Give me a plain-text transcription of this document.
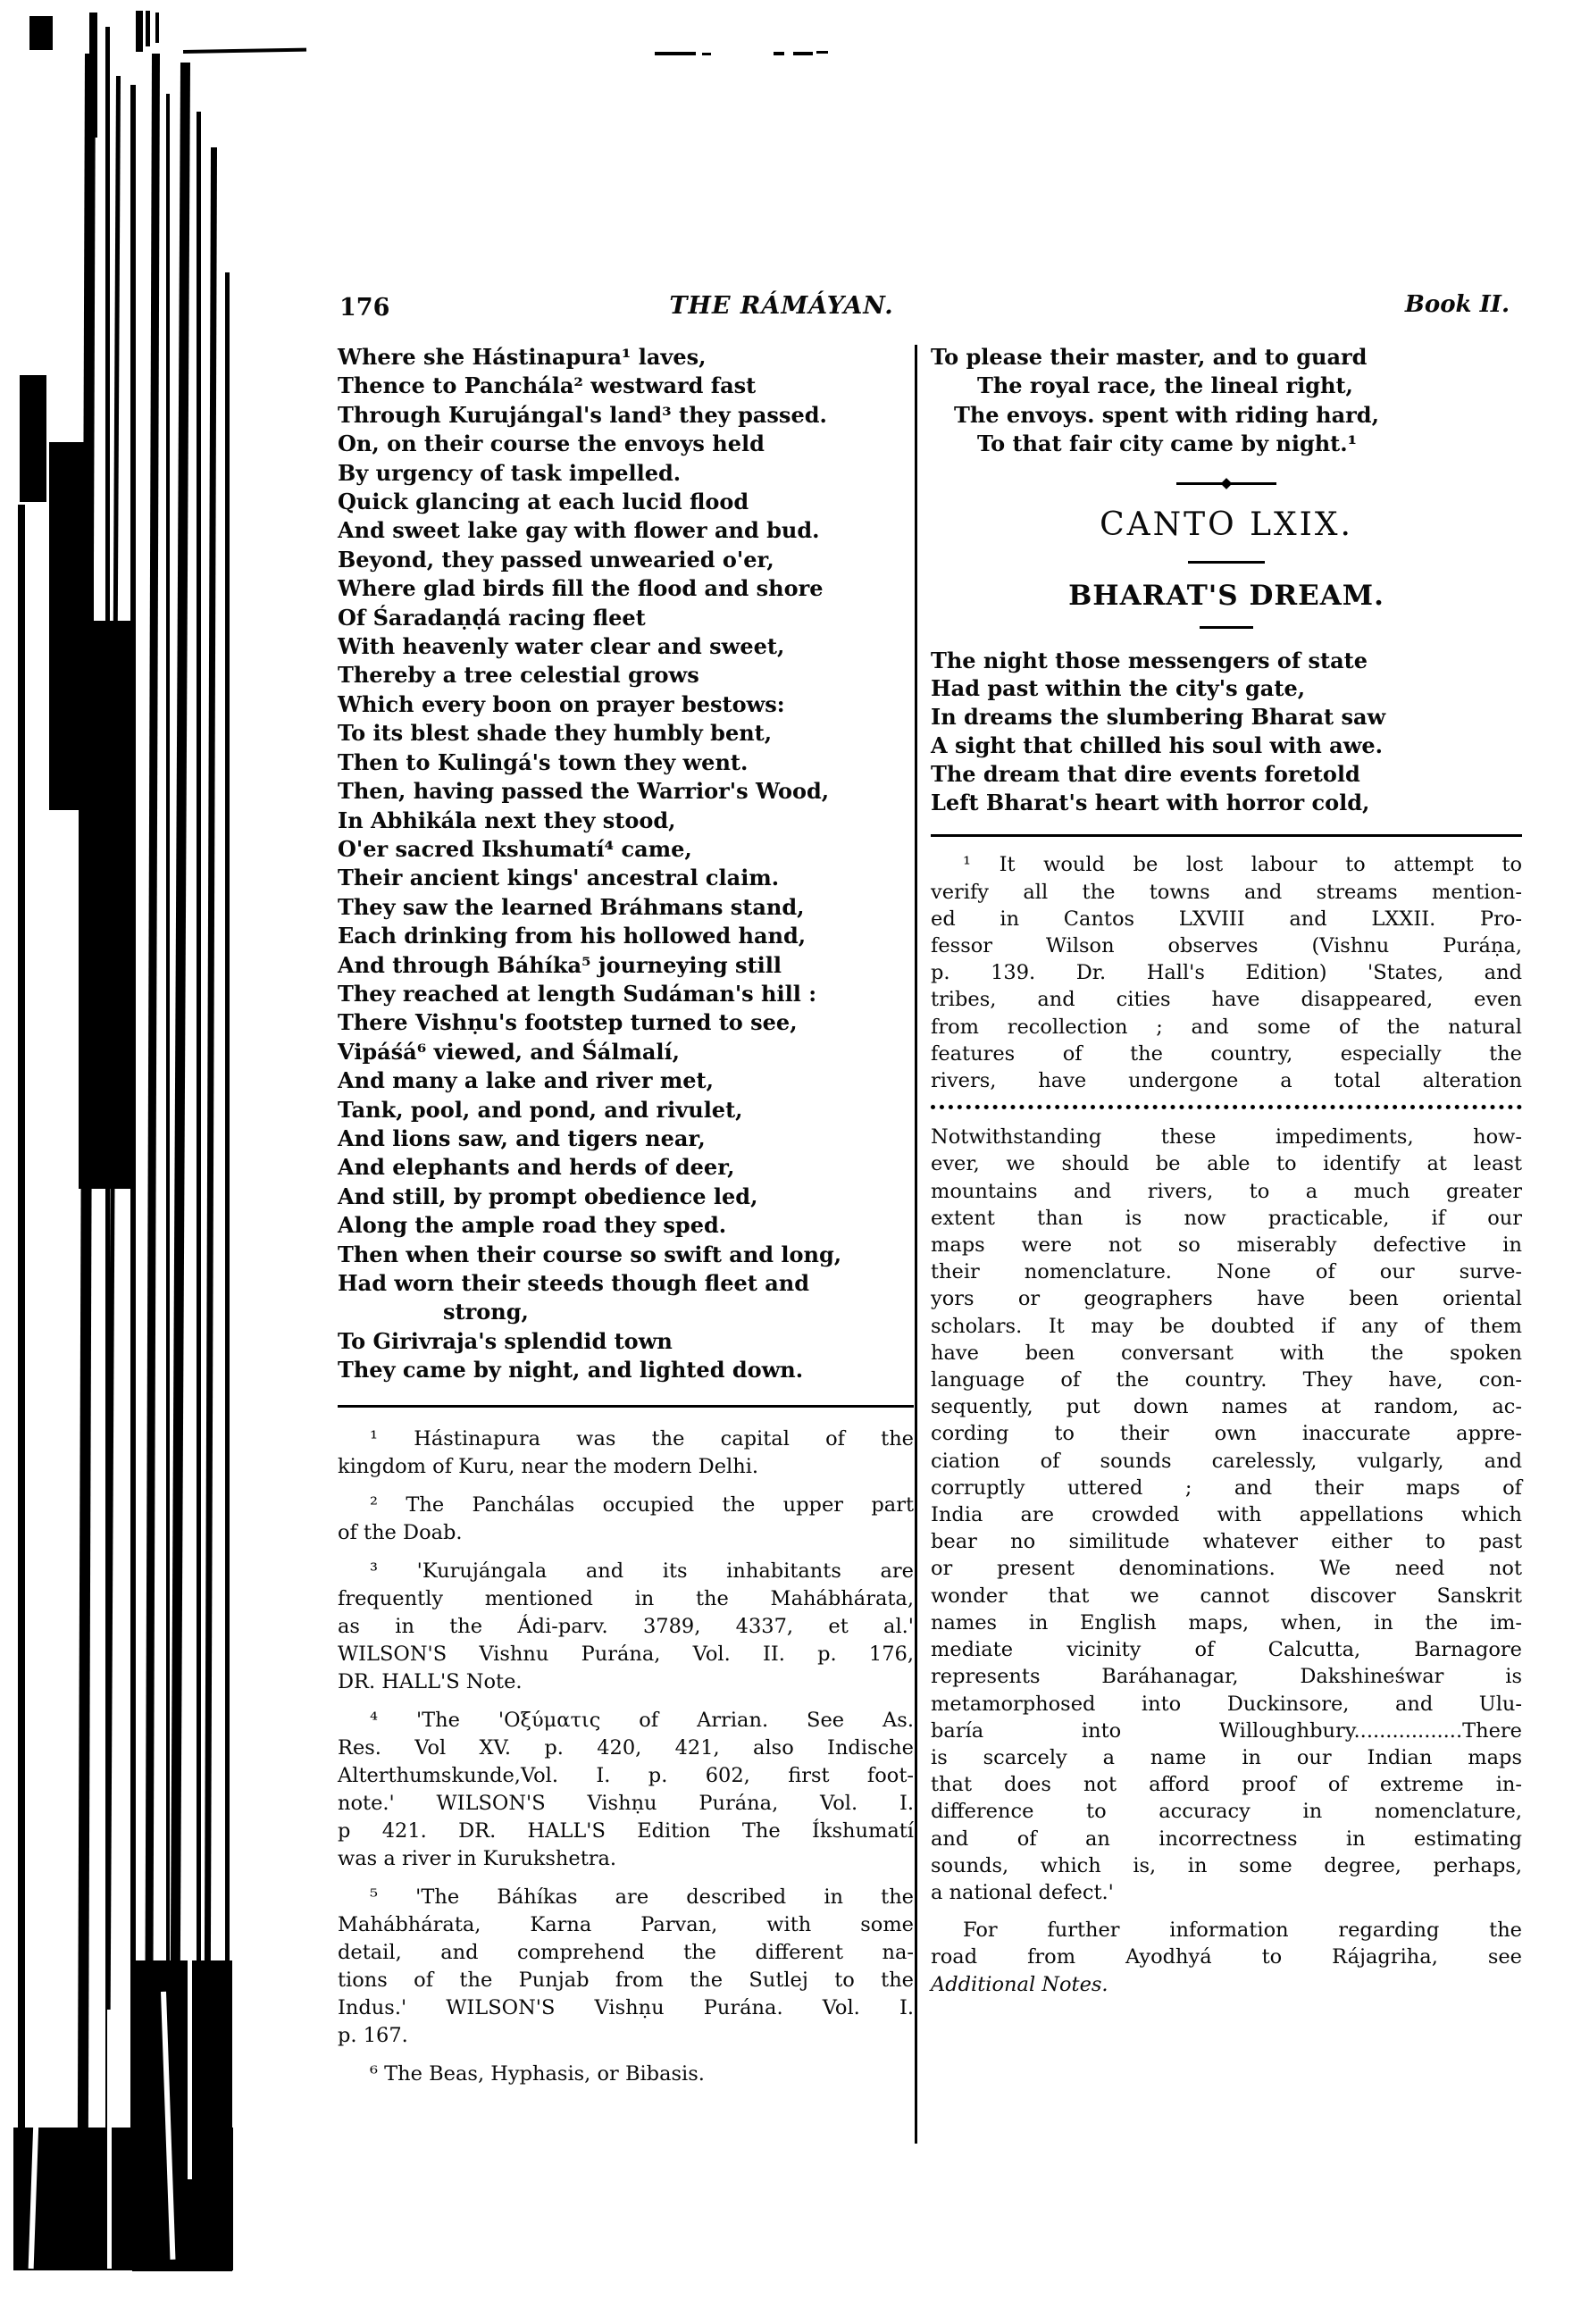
176	THE RÁMÁYAN.	Book II.
Where she Hástinapura¹ laves,
Thence to Panchála² westward fast
Through Kurujángal's land³ they passed.
On, on their course the envoys held
By urgency of task impelled.
Quick glancing at each lucid flood
And sweet lake gay with flower and bud.
Beyond, they passed unwearied o'er,
Where glad birds fill the flood and shore
Of Śaradaṇḍá racing fleet
With heavenly water clear and sweet,
Thereby a tree celestial grows
Which every boon on prayer bestows:
To its blest shade they humbly bent,
Then to Kulingá's town they went.
Then, having passed the Warrior's Wood,
In Abhikála next they stood,
O'er sacred Ikshumatí⁴ came,
Their ancient kings' ancestral claim.
They saw the learned Bráhmans stand,
Each drinking from his hollowed hand,
And through Báhíka⁵ journeying still
They reached at length Sudáman's hill :
There Vishṇu's footstep turned to see,
Vipáśá⁶ viewed, and Śálmalí,
And many a lake and river met,
Tank, pool, and pond, and rivulet,
And lions saw, and tigers near,
And elephants and herds of deer,
And still, by prompt obedience led,
Along the ample road they sped.
Then when their course so swift and long,
Had worn their steeds though fleet and
strong,
To Girivraja's splendid town
They came by night, and lighted down.
¹ Hástinapura was the capital of the
kingdom of Kuru, near the modern Delhi.
² The Panchálas occupied the upper part
of the Doab.
³ 'Kurujángala and its inhabitants are
frequently mentioned in the Mahábhárata,
as in the Ádi-parv. 3789, 4337, et al.'
WILSON'S Vishnu Purána, Vol. II. p. 176,
DR. HALL'S Note.
⁴ 'The 'Οξύματις of Arrian. See As.
Res. Vol XV. p. 420, 421, also Indische
Alterthumskunde,Vol. I. p. 602, first foot-
note.' WILSON'S Vishṇu Purána, Vol. I.
p 421. DR. HALL'S Edition The Íkshumatí
was a river in Kurukshetra.
⁵ 'The Báhíkas are described in the
Mahábhárata, Karna Parvan, with some
detail, and comprehend the different na-
tions of the Punjab from the Sutlej to the
Indus.' WILSON'S Vishṇu Purána. Vol. I.
p. 167.
⁶ The Beas, Hyphasis, or Bibasis.
To please their master, and to guard
The royal race, the lineal right,
The envoys. spent with riding hard,
To that fair city came by night.¹
CANTO LXIX.
BHARAT'S DREAM.
The night those messengers of state
Had past within the city's gate,
In dreams the slumbering Bharat saw
A sight that chilled his soul with awe.
The dream that dire events foretold
Left Bharat's heart with horror cold,
¹ It would be lost labour to attempt to
verify all the towns and streams mention-
ed in Cantos LXVIII and LXXII. Pro-
fessor Wilson observes (Vishnu Puráṇa,
p. 139. Dr. Hall's Edition) 'States, and
tribes, and cities have disappeared, even
from recollection ; and some of the natural
features of the country, especially the
rivers, have undergone a total alteration
Notwithstanding these impediments, how-
ever, we should be able to identify at least
mountains and rivers, to a much greater
extent than is now practicable, if our
maps were not so miserably defective in
their nomenclature. None of our surve-
yors or geographers have been oriental
scholars. It may be doubted if any of them
have been conversant with the spoken
language of the country. They have, con-
sequently, put down names at random, ac-
cording to their own inaccurate appre-
ciation of sounds carelessly, vulgarly, and
corruptly uttered ; and their maps of
India are crowded with appellations which
bear no similitude whatever either to past
or present denominations. We need not
wonder that we cannot discover Sanskrit
names in English maps, when, in the im-
mediate vicinity of Calcutta, Barnagore
represents Baráhanagar, Dakshineśwar is
metamorphosed into Duckinsore, and Ulu-
baría into Willoughbury.................There
is scarcely a name in our Indian maps
that does not afford proof of extreme in-
difference to accuracy in nomenclature,
and of an incorrectness in estimating
sounds, which is, in some degree, perhaps,
a national defect.'
For further information regarding the
road from Ayodhyá to Rájagriha, see
Additional Notes.
